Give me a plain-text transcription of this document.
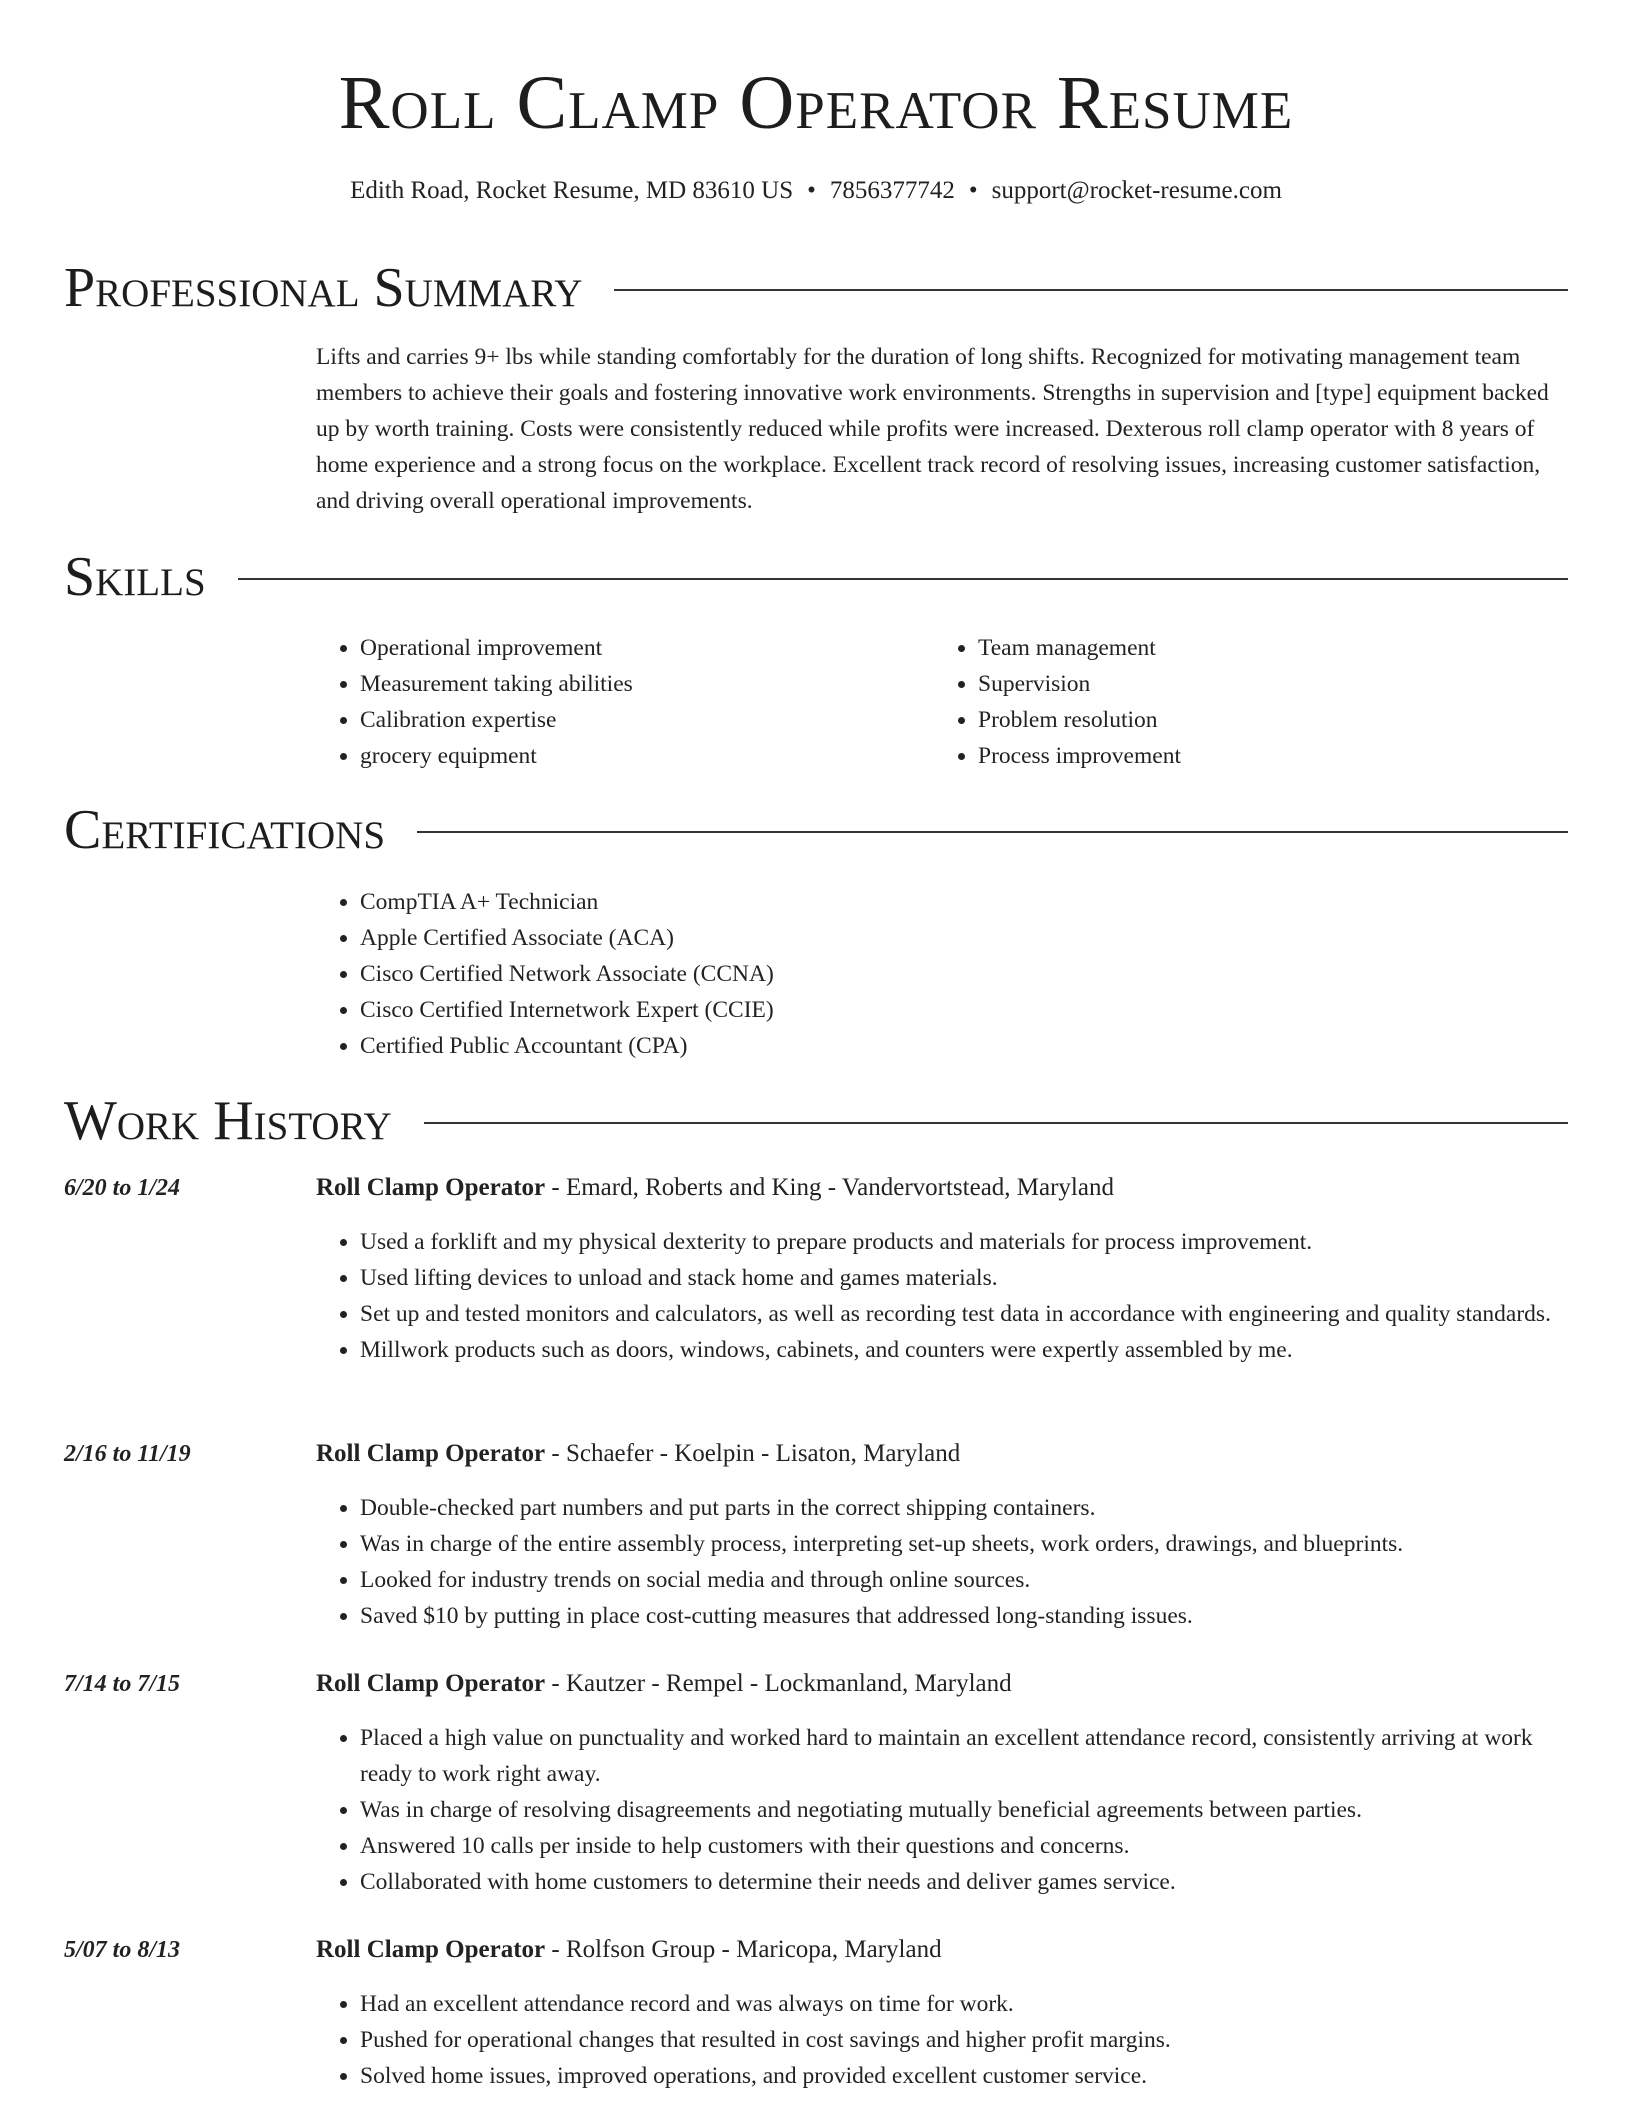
Roll Clamp Operator Resume
Edith Road, Rocket Resume, MD 83610 US • 7856377742 • support@rocket-resume.com
Professional Summary

Lifts and carries 9+ lbs while standing comfortably for the duration of long shifts. Recognized for motivating management team members to achieve their goals and fostering innovative work environments. Strengths in supervision and [type] equipment backed up by worth training. Costs were consistently reduced while profits were increased. Dexterous roll clamp operator with 8 years of home experience and a strong focus on the workplace. Excellent track record of resolving issues, increasing customer satisfaction, and driving overall operational improvements.

Skills
• Operational improvement
• Measurement taking abilities
• Calibration expertise
• grocery equipment
• Team management
• Supervision
• Problem resolution
• Process improvement
Certifications
• CompTIA A+ Technician
• Apple Certified Associate (ACA)
• Cisco Certified Network Associate (CCNA)
• Cisco Certified Internetwork Expert (CCIE)
• Certified Public Accountant (CPA)
Work History
6/20 to 1/24	Roll Clamp Operator - Emard, Roberts and King - Vandervortstead, Maryland
• Used a forklift and my physical dexterity to prepare products and materials for process improvement.
• Used lifting devices to unload and stack home and games materials.
• Set up and tested monitors and calculators, as well as recording test data in accordance with engineering and quality standards.
• Millwork products such as doors, windows, cabinets, and counters were expertly assembled by me.
2/16 to 11/19	Roll Clamp Operator - Schaefer - Koelpin - Lisaton, Maryland
• Double-checked part numbers and put parts in the correct shipping containers.
• Was in charge of the entire assembly process, interpreting set-up sheets, work orders, drawings, and blueprints.
• Looked for industry trends on social media and through online sources.
• Saved $10 by putting in place cost-cutting measures that addressed long-standing issues.
7/14 to 7/15	Roll Clamp Operator - Kautzer - Rempel - Lockmanland, Maryland
• Placed a high value on punctuality and worked hard to maintain an excellent attendance record, consistently arriving at work ready to work right away.
• Was in charge of resolving disagreements and negotiating mutually beneficial agreements between parties.
• Answered 10 calls per inside to help customers with their questions and concerns.
• Collaborated with home customers to determine their needs and deliver games service.
5/07 to 8/13	Roll Clamp Operator - Rolfson Group - Maricopa, Maryland
• Had an excellent attendance record and was always on time for work.
• Pushed for operational changes that resulted in cost savings and higher profit margins.
• Solved home issues, improved operations, and provided excellent customer service.
